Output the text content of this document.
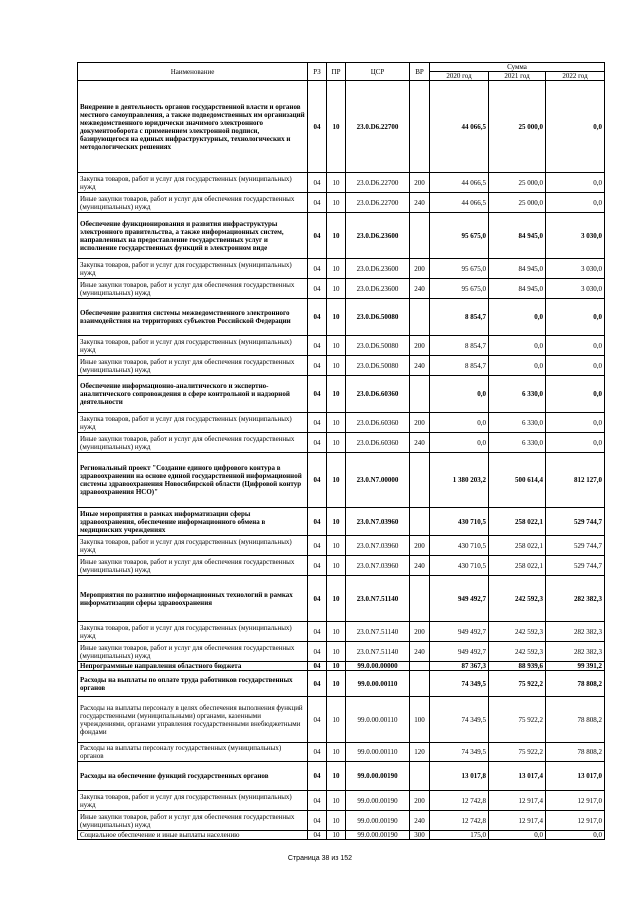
Наименование	РЗ	ПР	ЦСР	ВР	Сумма		
					2020 год	2021 год	2022 год
Внедрение в деятельность органов государственной власти и органов местного самоуправления, а также подведомственных им организаций межведомственного юридически значимого электронного документооборота с применением электронной подписи, базирующегося на единых инфраструктурных, технологических и методологических решениях	04	10	23.0.D6.22700		44 066,5	25 000,0	0,0
Закупка товаров, работ и услуг для государственных (муниципальных) нужд	04	10	23.0.D6.22700	200	44 066,5	25 000,0	0,0
Иные закупки товаров, работ и услуг для обеспечения государственных (муниципальных) нужд	04	10	23.0.D6.22700	240	44 066,5	25 000,0	0,0
Обеспечение функционирования и развития инфраструктуры электронного правительства, а также информационных систем, направленных на предоставление государственных услуг и исполнение государственных функций в электронном виде	04	10	23.0.D6.23600		95 675,0	84 945,0	3 030,0
Закупка товаров, работ и услуг для государственных (муниципальных) нужд	04	10	23.0.D6.23600	200	95 675,0	84 945,0	3 030,0
Иные закупки товаров, работ и услуг для обеспечения государственных (муниципальных) нужд	04	10	23.0.D6.23600	240	95 675,0	84 945,0	3 030,0
Обеспечение развития системы межведомственного электронного взаимодействия на территориях субъектов Российской Федерации	04	10	23.0.D6.50080		8 854,7	0,0	0,0
Закупка товаров, работ и услуг для государственных (муниципальных) нужд	04	10	23.0.D6.50080	200	8 854,7	0,0	0,0
Иные закупки товаров, работ и услуг для обеспечения государственных (муниципальных) нужд	04	10	23.0.D6.50080	240	8 854,7	0,0	0,0
Обеспечение информационно-аналитического и экспертно-аналитического сопровождения в сфере контрольной и надзорной деятельности	04	10	23.0.D6.60360		0,0	6 330,0	0,0
Закупка товаров, работ и услуг для государственных (муниципальных) нужд	04	10	23.0.D6.60360	200	0,0	6 330,0	0,0
Иные закупки товаров, работ и услуг для обеспечения государственных (муниципальных) нужд	04	10	23.0.D6.60360	240	0,0	6 330,0	0,0
Региональный проект "Создание единого цифрового контура в здравоохранении на основе единой государственной информационной системы здравоохранения Новосибирской области (Цифровой контур здравоохранения НСО)"	04	10	23.0.N7.00000		1 380 203,2	500 614,4	812 127,0
Иные мероприятия в рамках информатизации сферы здравоохранения, обеспечение информационного обмена в медицинских учреждениях	04	10	23.0.N7.03960		430 710,5	258 022,1	529 744,7
Закупка товаров, работ и услуг для государственных (муниципальных) нужд	04	10	23.0.N7.03960	200	430 710,5	258 022,1	529 744,7
Иные закупки товаров, работ и услуг для обеспечения государственных (муниципальных) нужд	04	10	23.0.N7.03960	240	430 710,5	258 022,1	529 744,7
Мероприятия по развитию информационных технологий в рамках информатизации сферы здравоохранения	04	10	23.0.N7.51140		949 492,7	242 592,3	282 382,3
Закупка товаров, работ и услуг для государственных (муниципальных) нужд	04	10	23.0.N7.51140	200	949 492,7	242 592,3	282 382,3
Иные закупки товаров, работ и услуг для обеспечения государственных (муниципальных) нужд	04	10	23.0.N7.51140	240	949 492,7	242 592,3	282 382,3
Непрограммные направления областного бюджета	04	10	99.0.00.00000		87 367,3	88 939,6	99 391,2
Расходы на выплаты по оплате труда работников государственных органов	04	10	99.0.00.00110		74 349,5	75 922,2	78 808,2
Расходы на выплаты персоналу в целях обеспечения выполнения функций государственными (муниципальными) органами, казенными учреждениями, органами управления государственными внебюджетными фондами	04	10	99.0.00.00110	100	74 349,5	75 922,2	78 808,2
Расходы на выплаты персоналу государственных (муниципальных) органов	04	10	99.0.00.00110	120	74 349,5	75 922,2	78 808,2
Расходы на обеспечение функций государственных органов	04	10	99.0.00.00190		13 017,8	13 017,4	13 017,0
Закупка товаров, работ и услуг для государственных (муниципальных) нужд	04	10	99.0.00.00190	200	12 742,8	12 917,4	12 917,0
Иные закупки товаров, работ и услуг для обеспечения государственных (муниципальных) нужд	04	10	99.0.00.00190	240	12 742,8	12 917,4	12 917,0
Социальное обеспечение и иные выплаты населению	04	10	99.0.00.00190	300	175,0	0,0	0,0
Страница 38 из 152
